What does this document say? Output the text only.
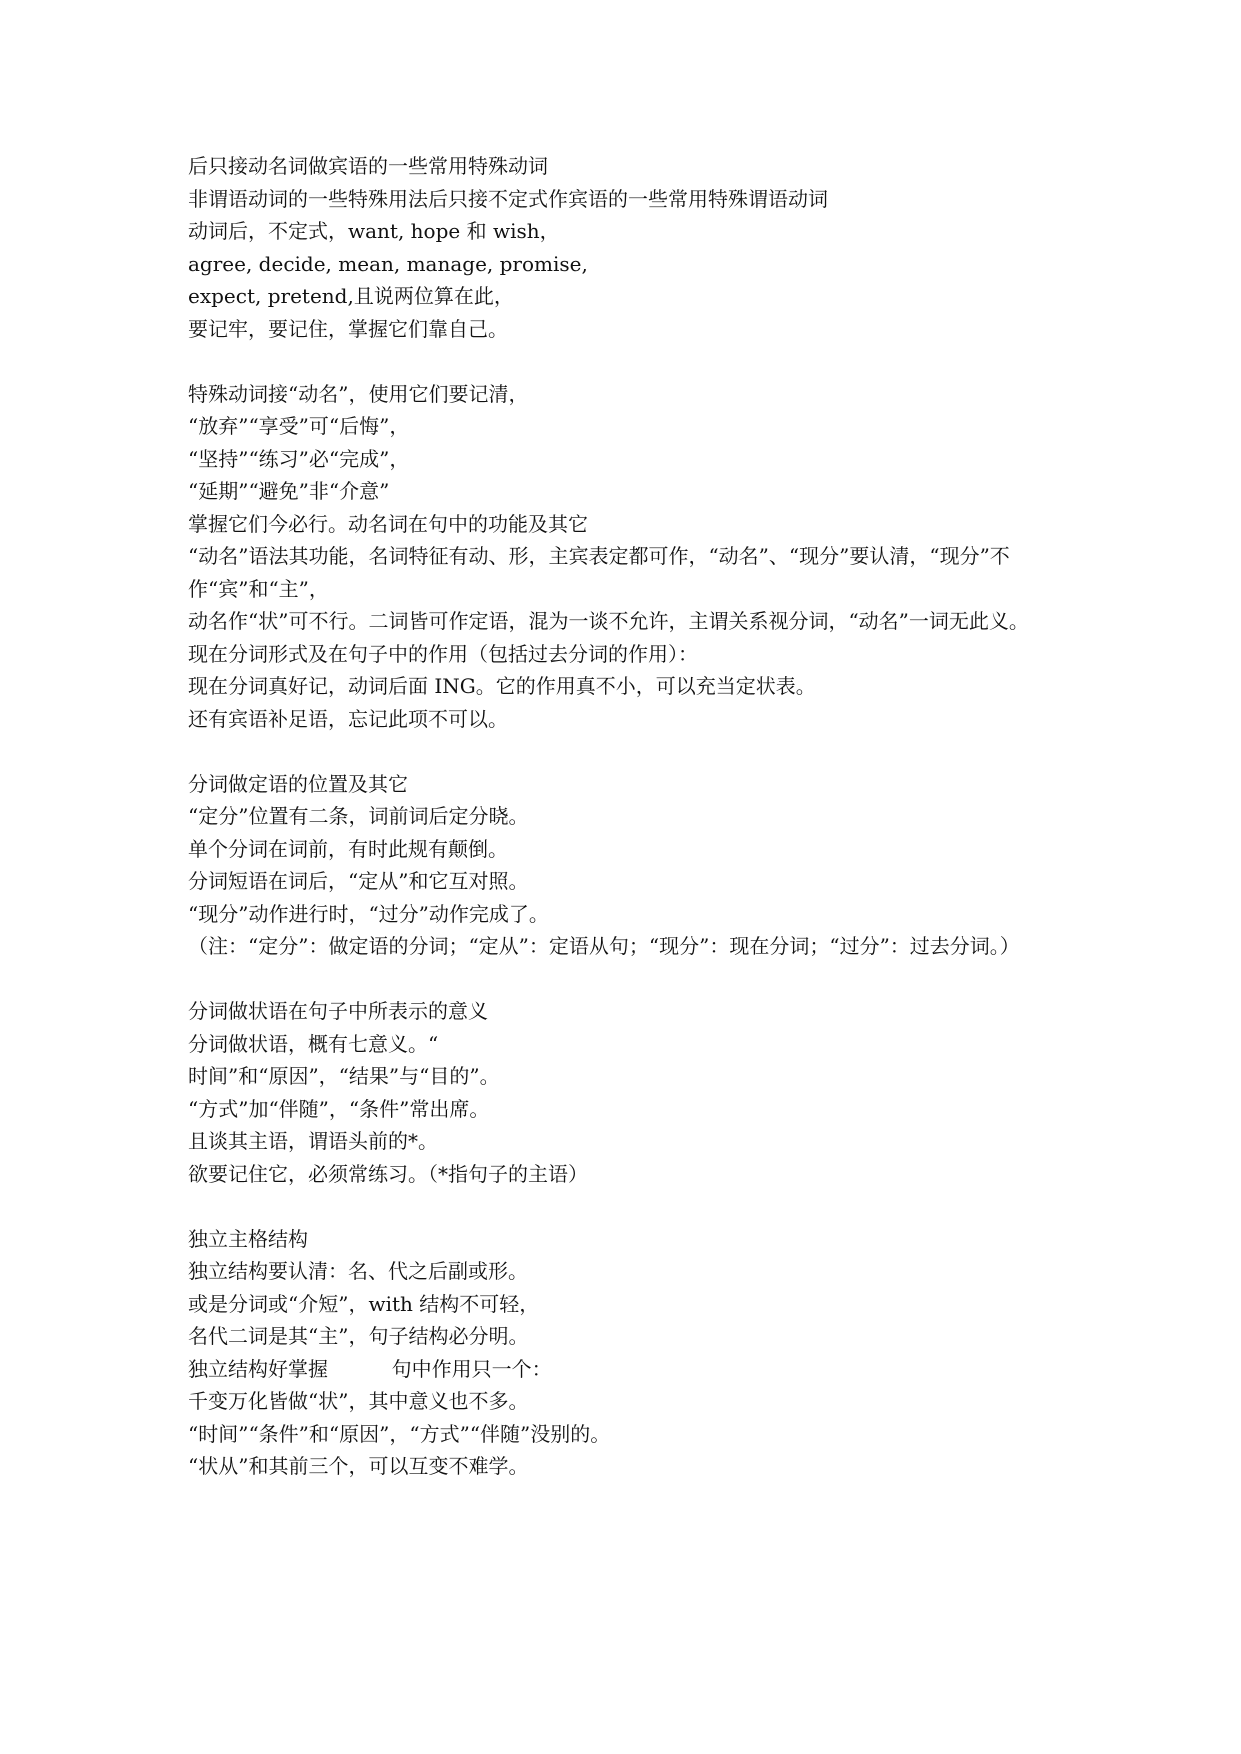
后只接动名词做宾语的一些常用特殊动词

非谓语动词的一些特殊用法后只接不定式作宾语的一些常用特殊谓语动词

动词后，不定式，want, hope 和 wish，

agree, decide, mean, manage, promise,

expect, pretend,且说两位算在此，

要记牢，要记住，掌握它们靠自己。

特殊动词接“动名”，使用它们要记清，

“放弃”“享受”可“后悔”，

“坚持”“练习”必“完成”，

“延期”“避免”非“介意”

掌握它们今必行。动名词在句中的功能及其它

“动名”语法其功能，名词特征有动、形，主宾表定都可作，“动名”、“现分”要认清，“现分”不作“宾”和“主”，

动名作“状”可不行。二词皆可作定语，混为一谈不允许，主谓关系视分词，“动名”一词无此义。

现在分词形式及在句子中的作用（包括过去分词的作用）：

现在分词真好记，动词后面 ING。它的作用真不小，可以充当定状表。

还有宾语补足语，忘记此项不可以。

分词做定语的位置及其它

“定分”位置有二条，词前词后定分晓。

单个分词在词前，有时此规有颠倒。

分词短语在词后，“定从”和它互对照。

“现分”动作进行时，“过分”动作完成了。

（注：“定分”：做定语的分词；“定从”：定语从句；“现分”：现在分词；“过分”：过去分词。）

分词做状语在句子中所表示的意义

分词做状语，概有七意义。“

时间”和“原因”，“结果”与“目的”。

“方式”加“伴随”，“条件”常出席。

且谈其主语，谓语头前的*。

欲要记住它，必须常练习。（*指句子的主语）

独立主格结构

独立结构要认清：名、代之后副或形。

或是分词或“介短”，with 结构不可轻，

名代二词是其“主”，句子结构必分明。

独立结构好掌握          句中作用只一个：

千变万化皆做“状”，其中意义也不多。

“时间”“条件”和“原因”，“方式”“伴随”没别的。

“状从”和其前三个，可以互变不难学。
